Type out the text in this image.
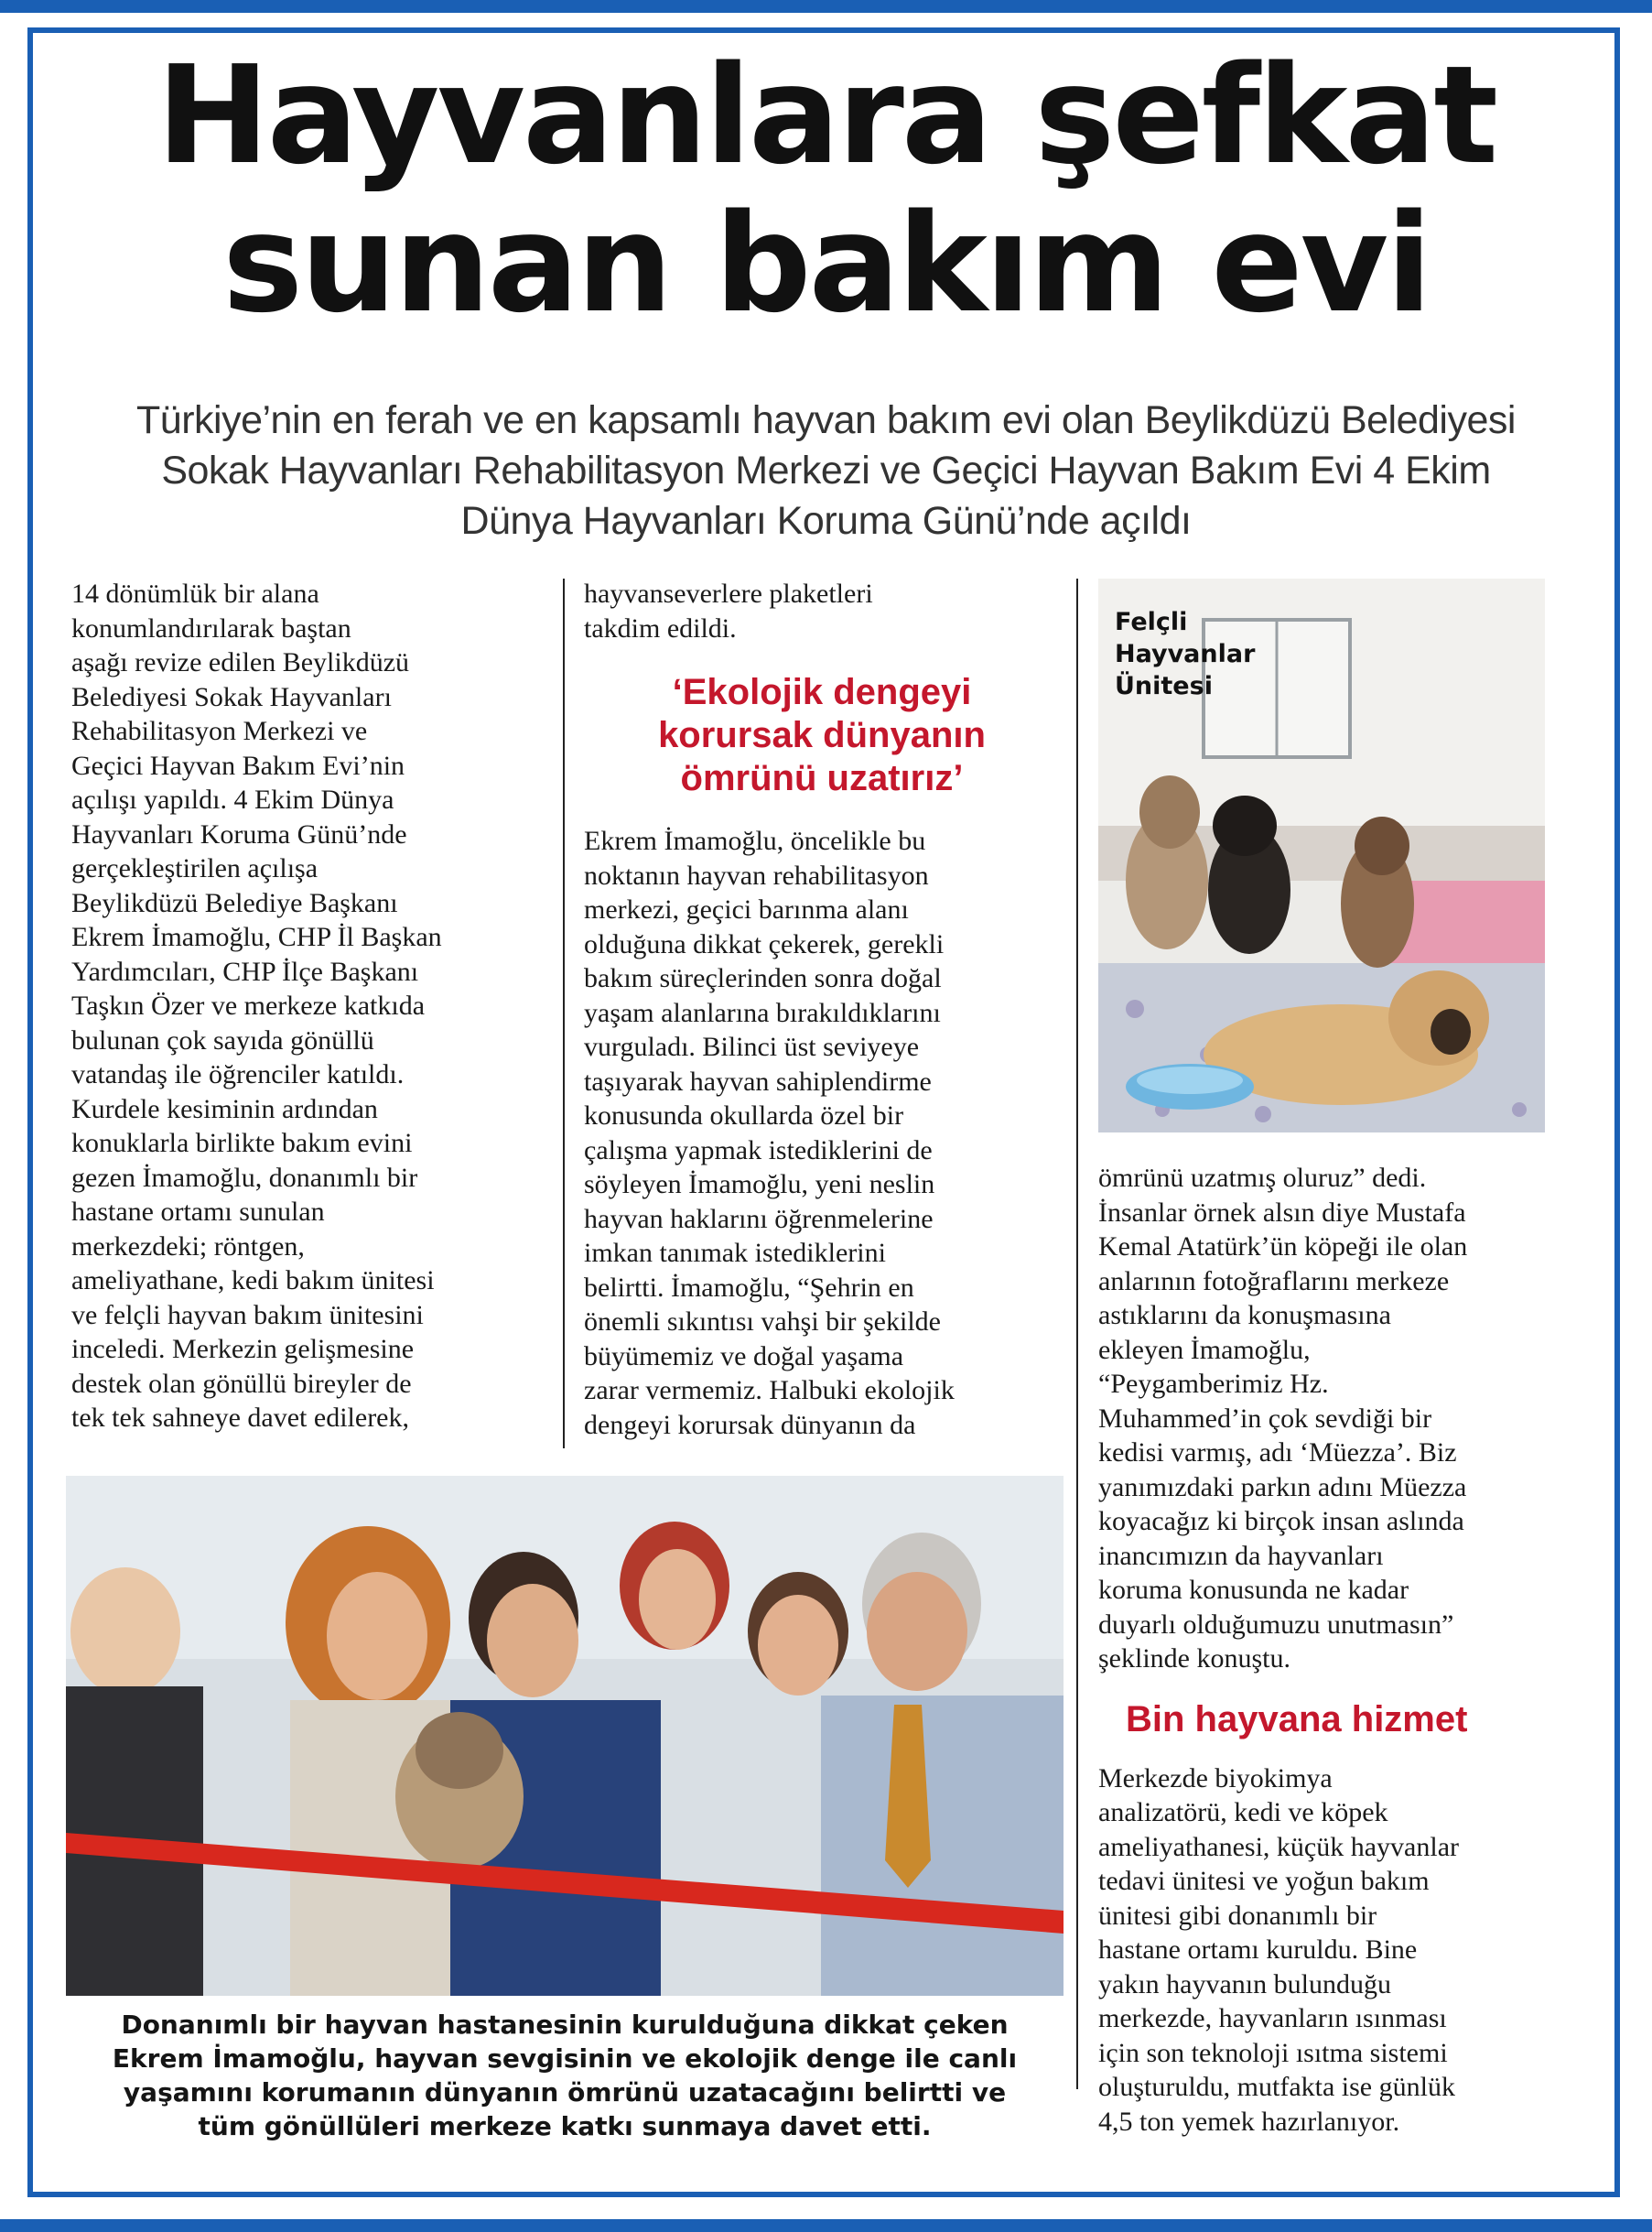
Hayvanlara şefkat
sunan bakım evi
Türkiye’nin en ferah ve en kapsamlı hayvan bakım evi olan Beylikdüzü Belediyesi Sokak Hayvanları Rehabilitasyon Merkezi ve Geçici Hayvan Bakım Evi 4 Ekim Dünya Hayvanları Koruma Günü’nde açıldı
14 dönümlük bir alana
konumlandırılarak baştan
aşağı revize edilen Beylikdüzü
Belediyesi Sokak Hayvanları
Rehabilitasyon Merkezi ve
Geçici Hayvan Bakım Evi’nin
açılışı yapıldı. 4 Ekim Dünya
Hayvanları Koruma Günü’nde
gerçekleştirilen açılışa
Beylikdüzü Belediye Başkanı
Ekrem İmamoğlu, CHP İl Başkan
Yardımcıları, CHP İlçe Başkanı
Taşkın Özer ve merkeze katkıda
bulunan çok sayıda gönüllü
vatandaş ile öğrenciler katıldı.
Kurdele kesiminin ardından
konuklarla birlikte bakım evini
gezen İmamoğlu, donanımlı bir
hastane ortamı sunulan
merkezdeki; röntgen,
ameliyathane, kedi bakım ünitesi
ve felçli hayvan bakım ünitesini
inceledi. Merkezin gelişmesine
destek olan gönüllü bireyler de
tek tek sahneye davet edilerek,
hayvanseverlere plaketleri
takdim edildi.
‘Ekolojik dengeyi
korursak dünyanın
ömrünü uzatırız’
Ekrem İmamoğlu, öncelikle bu
noktanın hayvan rehabilitasyon
merkezi, geçici barınma alanı
olduğuna dikkat çekerek, gerekli
bakım süreçlerinden sonra doğal
yaşam alanlarına bırakıldıklarını
vurguladı. Bilinci üst seviyeye
taşıyarak hayvan sahiplendirme
konusunda okullarda özel bir
çalışma yapmak istediklerini de
söyleyen İmamoğlu, yeni neslin
hayvan haklarını öğrenmelerine
imkan tanımak istediklerini
belirtti. İmamoğlu, “Şehrin en
önemli sıkıntısı vahşi bir şekilde
büyümemiz ve doğal yaşama
zarar vermemiz. Halbuki ekolojik
dengeyi korursak dünyanın da
Felçli
Hayvanlar
Ünitesi
ömrünü uzatmış oluruz” dedi.
İnsanlar örnek alsın diye Mustafa
Kemal Atatürk’ün köpeği ile olan
anlarının fotoğraflarını merkeze
astıklarını da konuşmasına
ekleyen İmamoğlu,
“Peygamberimiz Hz.
Muhammed’in çok sevdiği bir
kedisi varmış, adı ‘Müezza’. Biz
yanımızdaki parkın adını Müezza
koyacağız ki birçok insan aslında
inancımızın da hayvanları
koruma konusunda ne kadar
duyarlı olduğumuzu unutmasın”
şeklinde konuştu.
Bin hayvana hizmet
Merkezde biyokimya
analizatörü, kedi ve köpek
ameliyathanesi, küçük hayvanlar
tedavi ünitesi ve yoğun bakım
ünitesi gibi donanımlı bir
hastane ortamı kuruldu. Bine
yakın hayvanın bulunduğu
merkezde, hayvanların ısınması
için son teknoloji ısıtma sistemi
oluşturuldu, mutfakta ise günlük
4,5 ton yemek hazırlanıyor.
Donanımlı bir hayvan hastanesinin kurulduğuna dikkat çeken
Ekrem İmamoğlu, hayvan sevgisinin ve ekolojik denge ile canlı
yaşamını korumanın dünyanın ömrünü uzatacağını belirtti ve
tüm gönüllüleri merkeze katkı sunmaya davet etti.
